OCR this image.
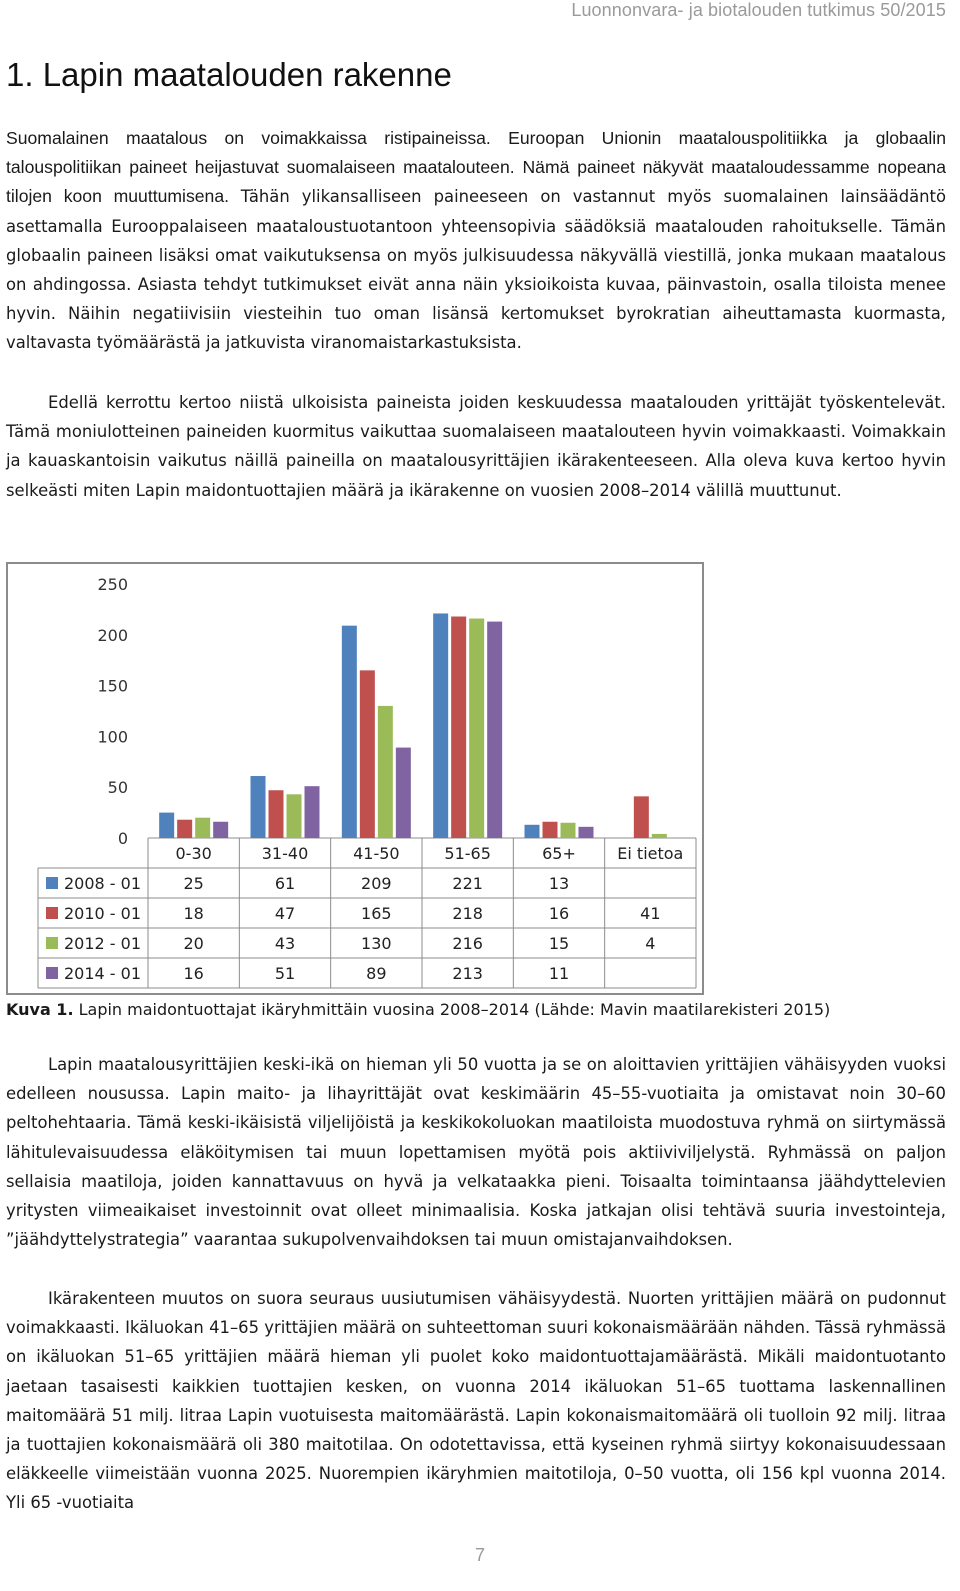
Luonnonvara- ja biotalouden tutkimus 50/2015
1. Lapin maatalouden rakenne

Suomalainen maatalous on voimakkaissa ristipaineissa. Euroopan Unionin maatalouspolitiikka ja globaalin talouspolitiikan paineet heijastuvat suomalaiseen maatalouteen. Nämä paineet näkyvät maataloudessamme nopeana tilojen koon muuttumisena. Tähän ylikansalliseen paineeseen on vastannut myös suomalainen lainsäädäntö asettamalla Eurooppalaiseen maataloustuotantoon yhteensopivia säädöksiä maatalouden rahoitukselle. Tämän globaalin paineen lisäksi omat vaikutuksensa on myös julkisuudessa näkyvällä viestillä, jonka mukaan maatalous on ahdingossa. Asiasta tehdyt tutkimukset eivät anna näin yksioikoista kuvaa, päinvastoin, osalla tiloista menee hyvin. Näihin negatiivisiin viesteihin tuo oman lisänsä kertomukset byrokratian aiheuttamasta kuormasta, valtavasta työmäärästä ja jatkuvista viranomaistarkastuksista.

Edellä kerrottu kertoo niistä ulkoisista paineista joiden keskuudessa maatalouden yrittäjät työskentelevät. Tämä moniulotteinen paineiden kuormitus vaikuttaa suomalaiseen maatalouteen hyvin voimakkaasti. Voimakkain ja kauaskantoisin vaikutus näillä paineilla on maatalousyrittäjien ikärakenteeseen. Alla oleva kuva kertoo hyvin selkeästi miten Lapin maidontuottajien määrä ja ikärakenne on vuosien 2008–2014 välillä muuttunut.

0
50
100
150
200
250
0-30	31-40	41-50	51-65	65+	Ei tietoa
2008 - 01	25	61	209	221	13
2010 - 01	18	47	165	218	16	41
2012 - 01	20	43	130	216	15	4
2014 - 01	16	51	89	213	11
Kuva 1. Lapin maidontuottajat ikäryhmittäin vuosina 2008–2014 (Lähde: Mavin maatilarekisteri 2015)

Lapin maatalousyrittäjien keski-ikä on hieman yli 50 vuotta ja se on aloittavien yrittäjien vähäisyyden vuoksi edelleen nousussa. Lapin maito- ja lihayrittäjät ovat keskimäärin 45–55-vuotiaita ja omistavat noin 30–60 peltohehtaaria. Tämä keski-ikäisistä viljelijöistä ja keskikokoluokan maatiloista muodostuva ryhmä on siirtymässä lähitulevaisuudessa eläköitymisen tai muun lopettamisen myötä pois aktiiviviljelystä. Ryhmässä on paljon sellaisia maatiloja, joiden kannattavuus on hyvä ja velkataakka pieni. Toisaalta toimintaansa jäähdyttelevien yritysten viimeaikaiset investoinnit ovat olleet minimaalisia. Koska jatkajan olisi tehtävä suuria investointeja, ”jäähdyttelystrategia” vaarantaa sukupolvenvaihdoksen tai muun omistajanvaihdoksen.

Ikärakenteen muutos on suora seuraus uusiutumisen vähäisyydestä. Nuorten yrittäjien määrä on pudonnut voimakkaasti. Ikäluokan 41–65 yrittäjien määrä on suhteettoman suuri kokonaismäärään nähden. Tässä ryhmässä on ikäluokan 51–65 yrittäjien määrä hieman yli puolet koko maidontuottajamäärästä. Mikäli maidontuotanto jaetaan tasaisesti kaikkien tuottajien kesken, on vuonna 2014 ikäluokan 51–65 tuottama laskennallinen maitomäärä 51 milj. litraa Lapin vuotuisesta maitomäärästä. Lapin kokonaismaitomäärä oli tuolloin 92 milj. litraa ja tuottajien kokonaismäärä oli 380 maitotilaa. On odotettavissa, että kyseinen ryhmä siirtyy kokonaisuudessaan eläkkeelle viimeistään vuonna 2025. Nuorempien ikäryhmien maitotiloja, 0–50 vuotta, oli 156 kpl vuonna 2014. Yli 65 -vuotiaita

7
